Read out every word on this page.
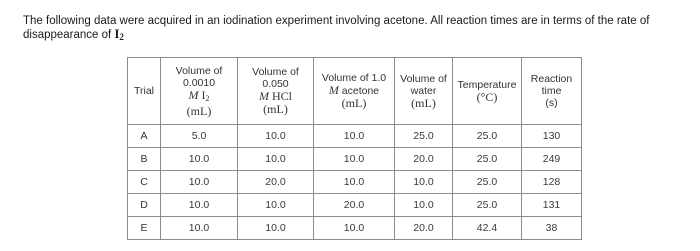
The following data were acquired in an iodination experiment involving acetone. All reaction times are in terms of the rate of
disappearance of $I_2$
Trial	Volume of
0.0010
M $I_2$
(mL)	Volume of
0.050
M HCl
(mL)	Volume of 1.0
M acetone
(mL)	Volume of
water
(mL)	Temperature
(°C)	Reaction
time
(s)

A	5.0	10.0	10.0	25.0	25.0	130
B	10.0	10.0	10.0	20.0	25.0	249
C	10.0	20.0	10.0	10.0	25.0	128
D	10.0	10.0	20.0	10.0	25.0	131
E	10.0	10.0	10.0	20.0	42.4	38
